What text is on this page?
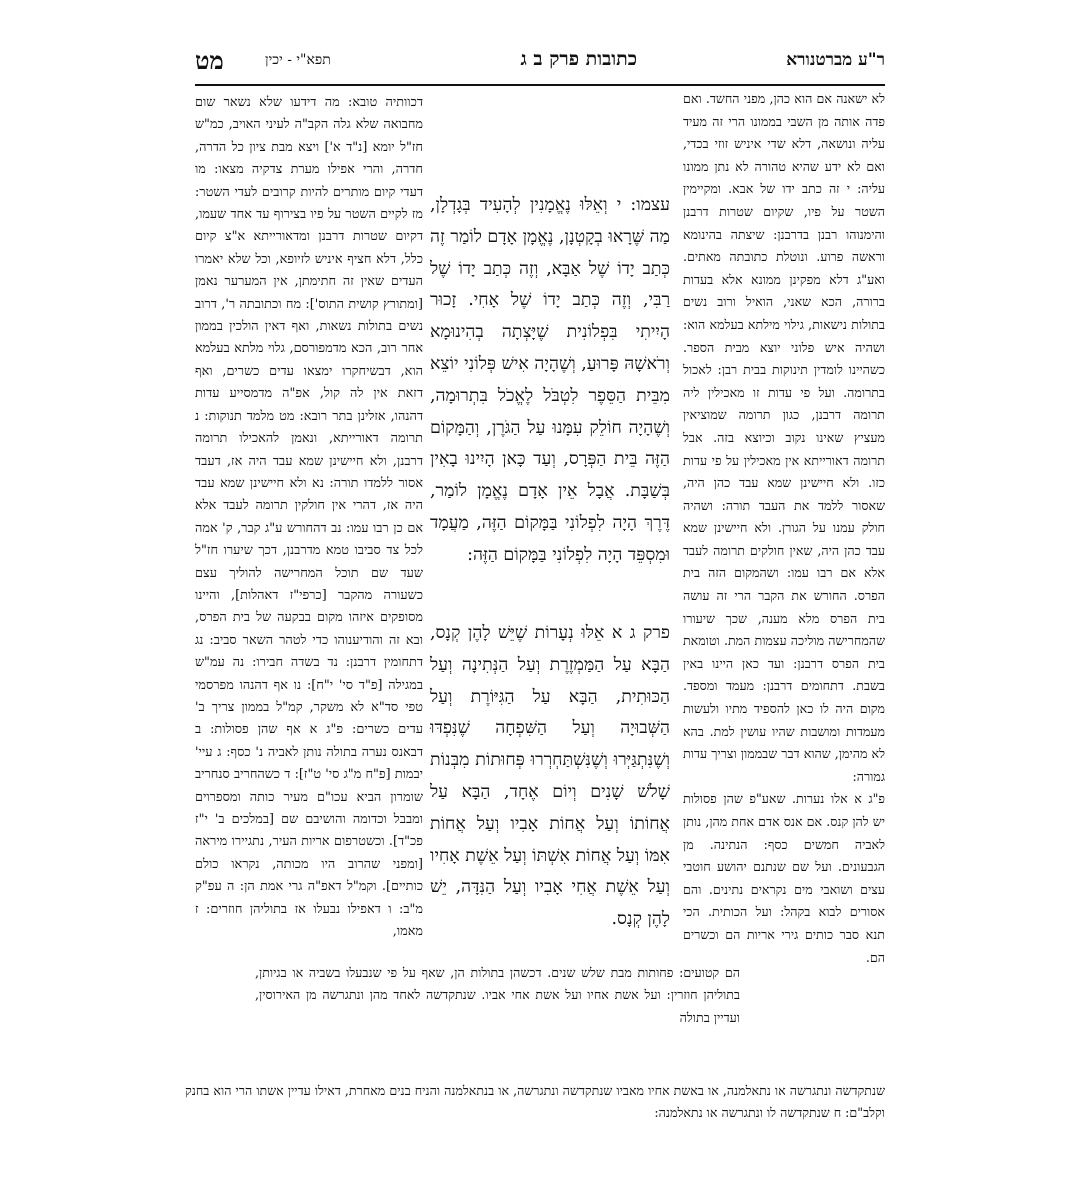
ר"ע מברטנורא
כתובות פרק ב ג
תפא"י - יכין
מט

לא ישאנה אם הוא כהן, מפני החשד. ואם פדה אותה מן השבי בממונו הרי זה מעיד עליה ונושאה, דלא שדי איניש זוזי בכדי, ואם לא ידע שהיא טהורה לא נתן ממונו עליה: י זה כתב ידו של אבא. ומקיימין השטר על פיו, שקיום שטרות דרבנן והימנוהו רבנן בדרבנן: שיצתה בהינומא וראשה פרוע. ונוטלת כתובתה מאתים. ואע"ג דלא מפקינן ממונא אלא בעדות ברורה, הכא שאני, הואיל ורוב נשים בתולות נישאות, גילוי מילתא בעלמא הוא: ושהיה איש פלוני יוצא מבית הספר. כשהיינו לומדין תינוקות בבית רבן: לאכול בתרומה. ועל פי עדות זו מאכילין ליה תרומה דרבנן, כגון תרומה שמוציאין מעציץ שאינו נקוב וכיוצא בזה. אבל תרומה דאורייתא אין מאכילין על פי עדות כזו. ולא חיישינן שמא עבד כהן היה, שאסור ללמד את העבד תורה: ושהיה חולק עמנו על הגורן. ולא חיישינן שמא עבד כהן היה, שאין חולקים תרומה לעבד אלא אם רבו עמו: ושהמקום הזה בית הפרס. החורש את הקבר הרי זה עושה בית הפרס מלא מענה, שכך שיעורו שהמחרישה מוליכה עצמות המת. וטומאת בית הפרס דרבנן: ועד כאן היינו באין בשבת. דתחומים דרבנן: מעמד ומספד. מקום היה לו כאן להספיד מתיו ולעשות מעמדות ומושבות שהיו עושין למת. בהא לא מהימן, שהוא דבר שבממון וצריך עדות גמורה:

פ"ג א אלו נערות. שאע"פ שהן פסולות יש להן קנס. אם אנס אדם אחת מהן, נותן לאביה חמשים כסף: הנתינה. מן הגבעונים. ועל שם שנתנם יהושע חוטבי עצים ושואבי מים נקראים נתינים. והם אסורים לבוא בקהל: ועל הכותית. הכי תנא סבר כותים גירי אריות הם וכשרים הם.

עצמו: י וְאֵלּוּ נֶאֱמָנִין לְהָעִיד בְּגָדְלָן, מַה שֶּׁרָאוּ בְקָטְנָן, נֶאֱמָן אָדָם לוֹמַר זֶה כְּתַב יָדוֹ שֶׁל אַבָּא, וְזֶה כְּתַב יָדוֹ שֶׁל רַבִּי, וְזֶה כְּתַב יָדוֹ שֶׁל אָחִי. זָכוּר הָיִיתִי בִּפְלוֹנִית שֶׁיָּצְתָה בְהִינוּמָא וְרֹאשָׁהּ פָּרוּעַ, וְשֶׁהָיָה אִישׁ פְּלוֹנִי יוֹצֵא מִבֵּית הַסֵּפֶר לִטְבֹּל לֶאֱכֹל בִּתְרוּמָה, וְשֶׁהָיָה חוֹלֵק עִמָּנוּ עַל הַגֹּרֶן, וְהַמָּקוֹם הַזֶּה בֵּית הַפְּרָס, וְעַד כָּאן הָיִינוּ בָאִין בְּשַׁבָּת. אֲבָל אֵין אָדָם נֶאֱמָן לוֹמַר, דֶּרֶךְ הָיָה לִפְלוֹנִי בַּמָּקוֹם הַזֶּה, מַעֲמָד וּמִסְפֵּד הָיָה לִפְלוֹנִי בַּמָּקוֹם הַזֶּה:

פרק ג א אֵלּוּ נְעָרוֹת שֶׁיֵּשׁ לָהֶן קְנָס, הַבָּא עַל הַמַּמְזֶרֶת וְעַל הַנְּתִינָה וְעַל הַכּוּתִית, הַבָּא עַל הַגִּיּוֹרֶת וְעַל הַשְּׁבוּיָה וְעַל הַשִּׁפְחָה שֶׁנִּפְדּוּ וְשֶׁנִּתְגַּיְּרוּ וְשֶׁנִּשְׁתַּחְרְרוּ פְּחוּתוֹת מִבְּנוֹת שָׁלֹשׁ שָׁנִים וְיוֹם אֶחָד, הַבָּא עַל אֲחוֹתוֹ וְעַל אֲחוֹת אָבִיו וְעַל אֲחוֹת אִמּוֹ וְעַל אֲחוֹת אִשְׁתּוֹ וְעַל אֵשֶׁת אָחִיו וְעַל אֵשֶׁת אֲחִי אָבִיו וְעַל הַנִּדָּה, יֵשׁ לָהֶן קְנָס.

דכוותיה טובא: מה דידעו שלא נשאר שום מחבואה שלא גלה הקב"ה לעיני האויב, כמ"ש חז"ל יומא [נ"ד א'] ויצא מבת ציון כל הדרה, חדרה, והרי אפילו מערת צדקיה מצאו: מו דעדי קיום מותרים להיות קרובים לעדי השטר: מז לקיים השטר על פיו בצירוף עד אחד שעמו, דקיום שטרות דרבנן ומדאורייתא א"צ קיום כלל, דלא חציף איניש לזיופא, וכל שלא יאמרו העדים שאין זה חתימתן, אין המערער נאמן [ומתורץ קושית התוס']: מח וכתובתה ר', דרוב נשים בתולות נשאות, ואף דאין הולכין בממון אחר רוב, הכא מדמפורסם, גלוי מלתא בעלמא הוא, דבשיחקרו ימצאו עדים כשרים, ואף דזאת אין לה קול, אפ"ה מדמסייע עדות דהנהו, אזלינן בתר רובא: מט מלמד תנוקות: נ תרומה דאורייתא, ונאמן להאכילו תרומה דרבנן, ולא חיישינן שמא עבד היה אז, דעבד אסור ללמדו תורה: נא ולא חיישינן שמא עבד היה אז, דהרי אין חולקין תרומה לעבד אלא אם כן רבו עמו: נב דהחורש ע"ג קבר, ק' אמה לכל צד סביבו טמא מדרבנן, דכך שיערו חז"ל שעד שם תוכל המחרישה להוליך עצם כשעורה מהקבר [כרפי"ז דאהלות], והיינו מסופקים איזהו מקום בבקעה של בית הפרס, ובא זה והודיענוהו כדי לטהר השאר סביב: נג דתחומין דרבנן: נד בשדה חבירו: נה עמ"ש במגילה [פ"ד סי' י"ח]: נו אף דהנהו מפרסמי טפי סד"א לא משקר, קמ"ל בממון צריך ב' עדים כשרים: פ"ג א אף שהן פסולות: ב דבאנס נערה בתולה נותן לאביה נ' כסף: ג עיי' יבמות [פ"ח מ"ג סי' ט"ז]: ד כשהחריב סנחריב שומרון הביא עכו"ם מעיר כותה ומספרוים ומבבל וכדומה והושיבם שם [במלכים ב' י"ז פכ"ד]. וכשטרפום אריות העיר, נתגיירו מיראה [ומפני שהרוב היו מכותה, נקראו כולם כותיים]. וקמ"ל דאפ"ה גרי אמת הן: ה עפ"ק מ"ב: ו דאפילו נבעלו אז בתוליהן חוזרים: ז מאמו,

הם קטועים: פחותות מבת שלש שנים. דכשהן בתולות הן, שאף על פי שנבעלו בשביה או בגיותן, בתוליהן חוזרין: ועל אשת אחיו ועל אשת אחי אביו. שנתקדשה לאחד מהן ונתגרשה מן האירוסין, ועדיין בתולה

שנתקדשה ונתגרשה או נתאלמנה, או באשת אחיו מאביו שנתקדשה ונתגרשה, או בנתאלמנה והניח בנים מאחרת, דאילו עדיין אשתו הרי הוא בחנק וקלב"ם: ח שנתקדשה לו ונתגרשה או נתאלמנה:
